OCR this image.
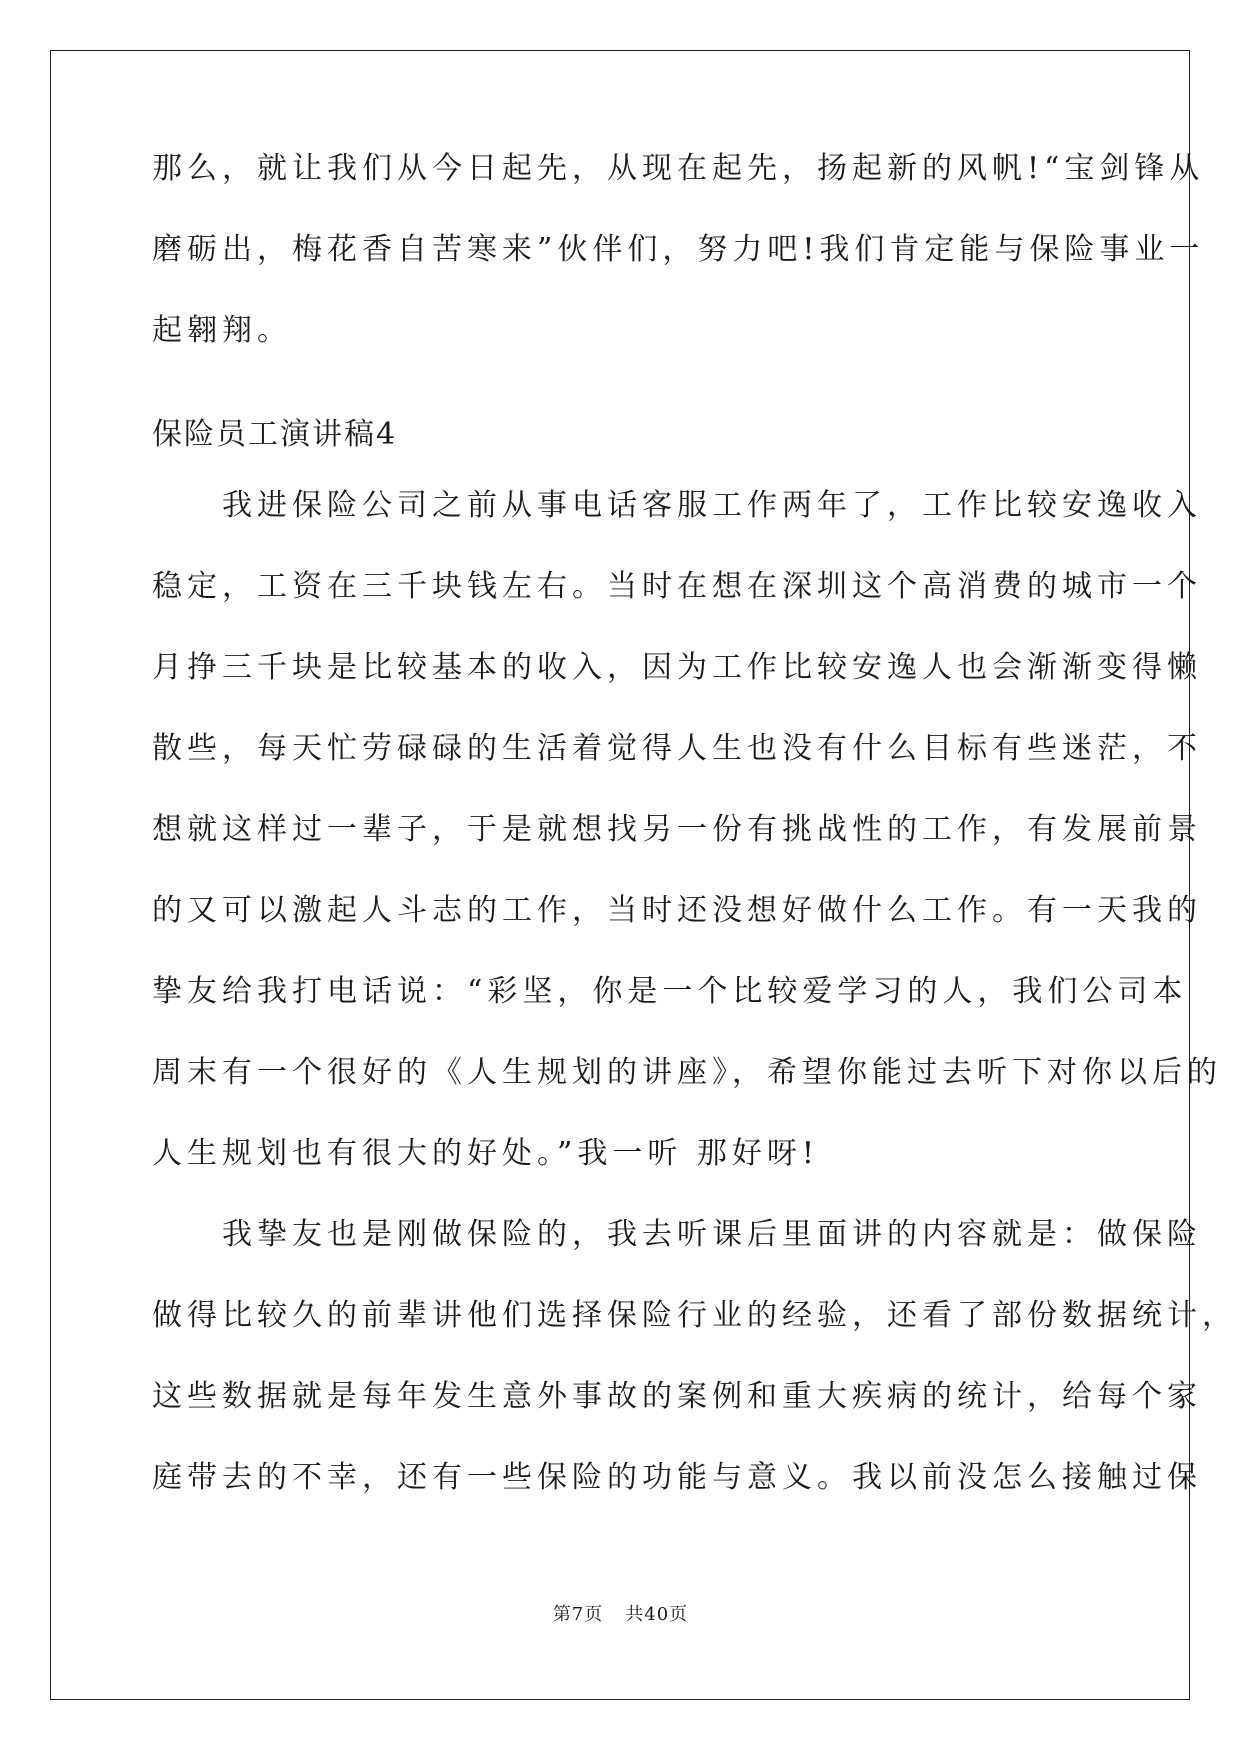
那么，就让我们从今日起先，从现在起先，扬起新的风帆!“宝剑锋从
磨砺出，梅花香自苦寒来”伙伴们，努力吧!我们肯定能与保险事业一
起翱翔。
保险员工演讲稿4
　　我进保险公司之前从事电话客服工作两年了，工作比较安逸收入
稳定，工资在三千块钱左右。当时在想在深圳这个高消费的城市一个
月挣三千块是比较基本的收入，因为工作比较安逸人也会渐渐变得懒
散些，每天忙劳碌碌的生活着觉得人生也没有什么目标有些迷茫，不
想就这样过一辈子，于是就想找另一份有挑战性的工作，有发展前景
的又可以激起人斗志的工作，当时还没想好做什么工作。有一天我的
挚友给我打电话说：“彩坚，你是一个比较爱学习的人，我们公司本
周末有一个很好的《人生规划的讲座》，希望你能过去听下对你以后的
人生规划也有很大的好处。”我一听 那好呀!
　　我挚友也是刚做保险的，我去听课后里面讲的内容就是：做保险
做得比较久的前辈讲他们选择保险行业的经验，还看了部份数据统计，
这些数据就是每年发生意外事故的案例和重大疾病的统计，给每个家
庭带去的不幸，还有一些保险的功能与意义。我以前没怎么接触过保
第7页 共40页
